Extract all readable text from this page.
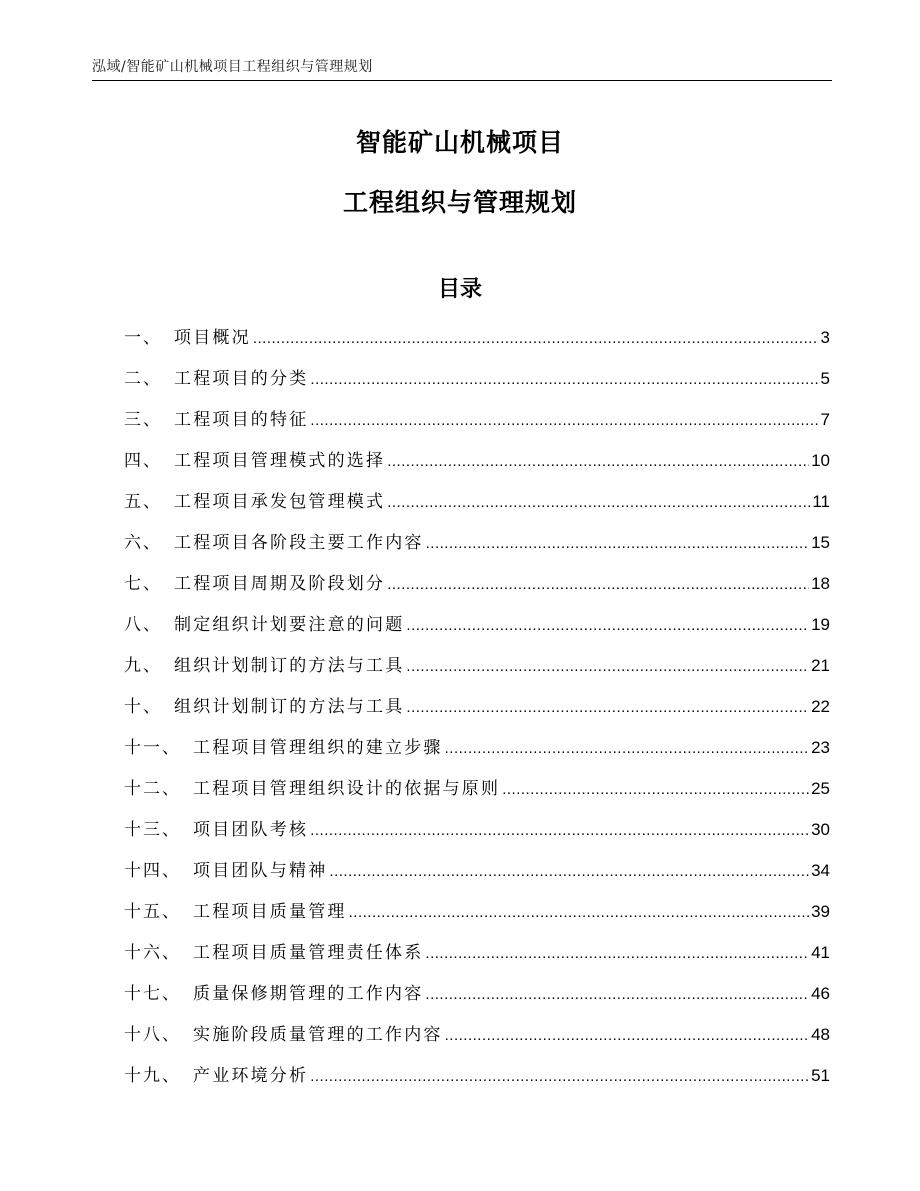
泓域/智能矿山机械项目工程组织与管理规划
智能矿山机械项目
工程组织与管理规划
目录
一、 项目概况 .....	3
二、 工程项目的分类 .....	5
三、 工程项目的特征 .....	7
四、 工程项目管理模式的选择 .....	10
五、 工程项目承发包管理模式 .....	11
六、 工程项目各阶段主要工作内容 .....	15
七、 工程项目周期及阶段划分 .....	18
八、 制定组织计划要注意的问题 .....	19
九、 组织计划制订的方法与工具 .....	21
十、 组织计划制订的方法与工具 .....	22
十一、 工程项目管理组织的建立步骤 .....	23
十二、 工程项目管理组织设计的依据与原则 .....	25
十三、 项目团队考核 .....	30
十四、 项目团队与精神 .....	34
十五、 工程项目质量管理 .....	39
十六、 工程项目质量管理责任体系 .....	41
十七、 质量保修期管理的工作内容 .....	46
十八、 实施阶段质量管理的工作内容 .....	48
十九、 产业环境分析 .....	51
